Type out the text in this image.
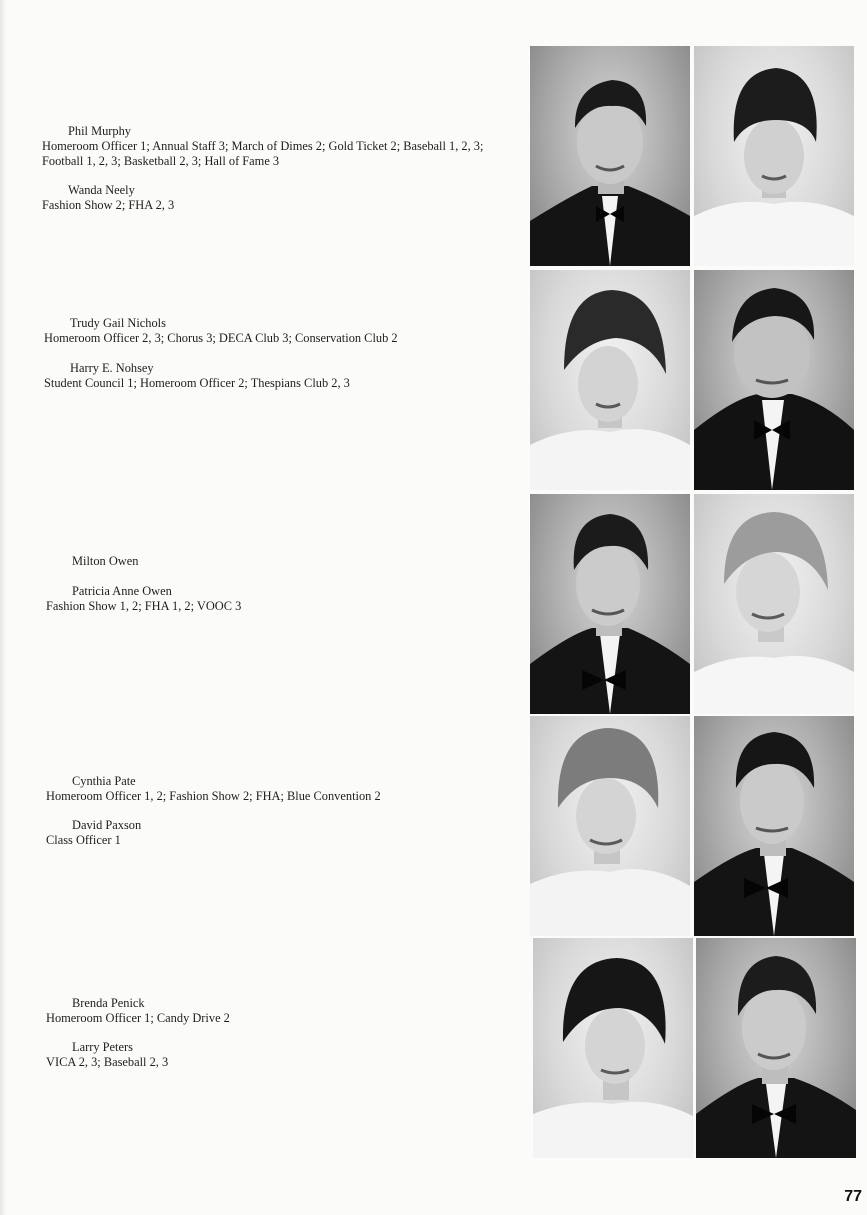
Phil Murphy
Homeroom Officer 1; Annual Staff 3; March of Dimes 2; Gold Ticket 2; Baseball 1, 2, 3; Football 1, 2, 3; Basketball 2, 3; Hall of Fame 3
Wanda Neely
Fashion Show 2; FHA 2, 3
Trudy Gail Nichols
Homeroom Officer 2, 3; Chorus 3; DECA Club 3; Conservation Club 2
Harry E. Nohsey
Student Council 1; Homeroom Officer 2; Thespians Club 2, 3
Milton Owen
Patricia Anne Owen
Fashion Show 1, 2; FHA 1, 2; VOOC 3
Cynthia Pate
Homeroom Officer 1, 2; Fashion Show 2; FHA; Blue Convention 2
David Paxson
Class Officer 1
Brenda Penick
Homeroom Officer 1; Candy Drive 2
Larry Peters
VICA 2, 3; Baseball 2, 3
77
